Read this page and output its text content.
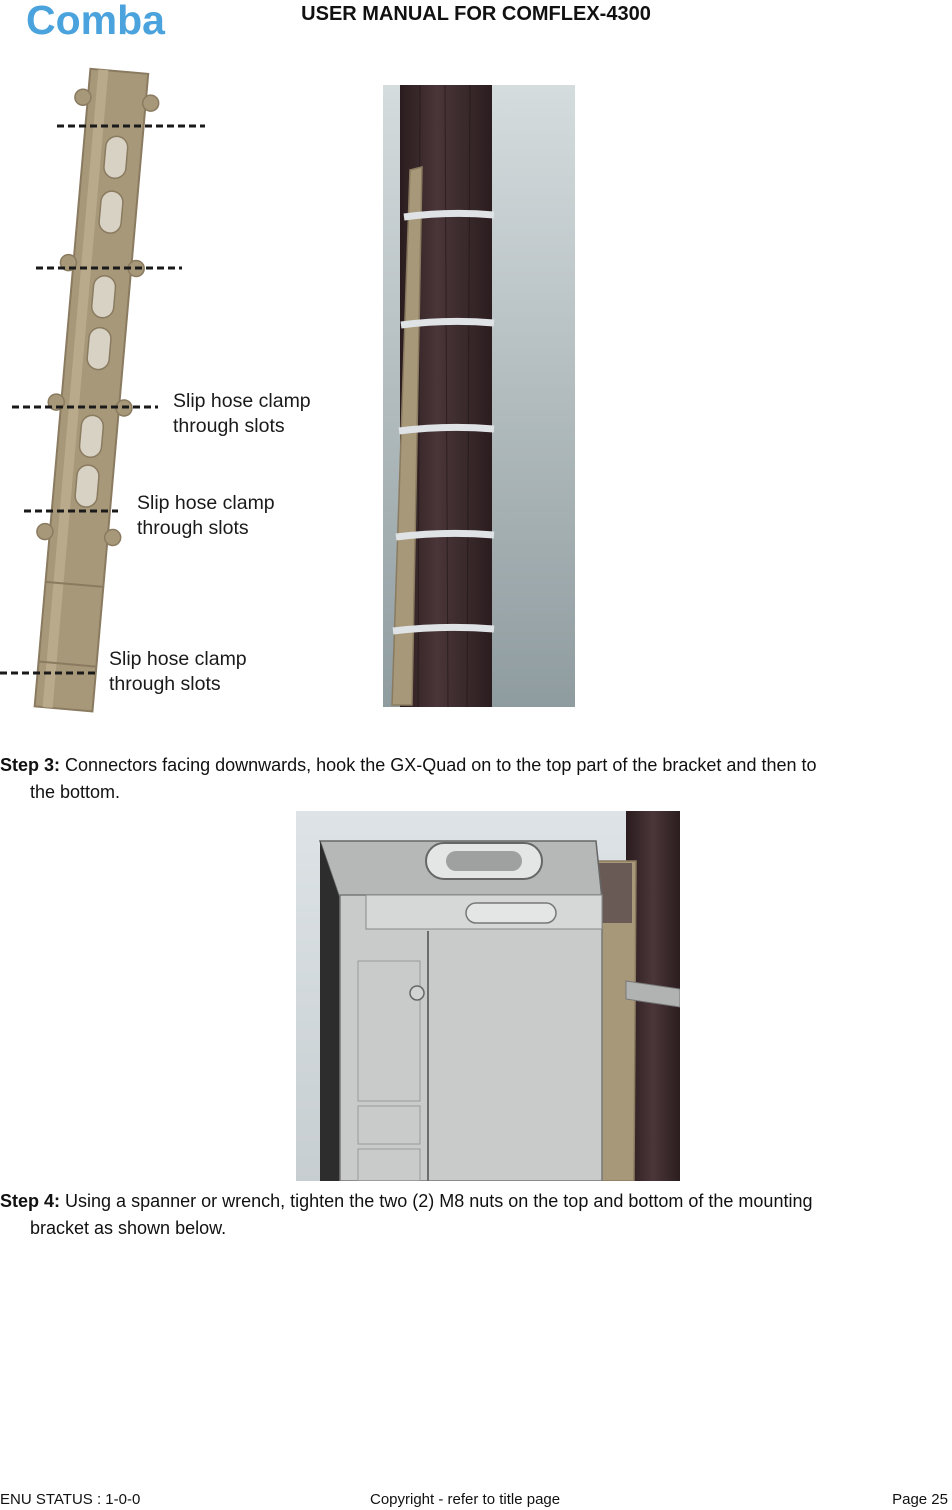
Comba	USER MANUAL FOR COMFLEX-4300
Slip hose clamp
through slots
Slip hose clamp
through slots
Slip hose clamp
through slots
Step 3: Connectors facing downwards, hook the GX-Quad on to the top part of the bracket and then to
the bottom.
Step 4: Using a spanner or wrench, tighten the two (2) M8 nuts on the top and bottom of the mounting
bracket as shown below.
ENU STATUS : 1-0-0	Copyright - refer to title page	Page 25
